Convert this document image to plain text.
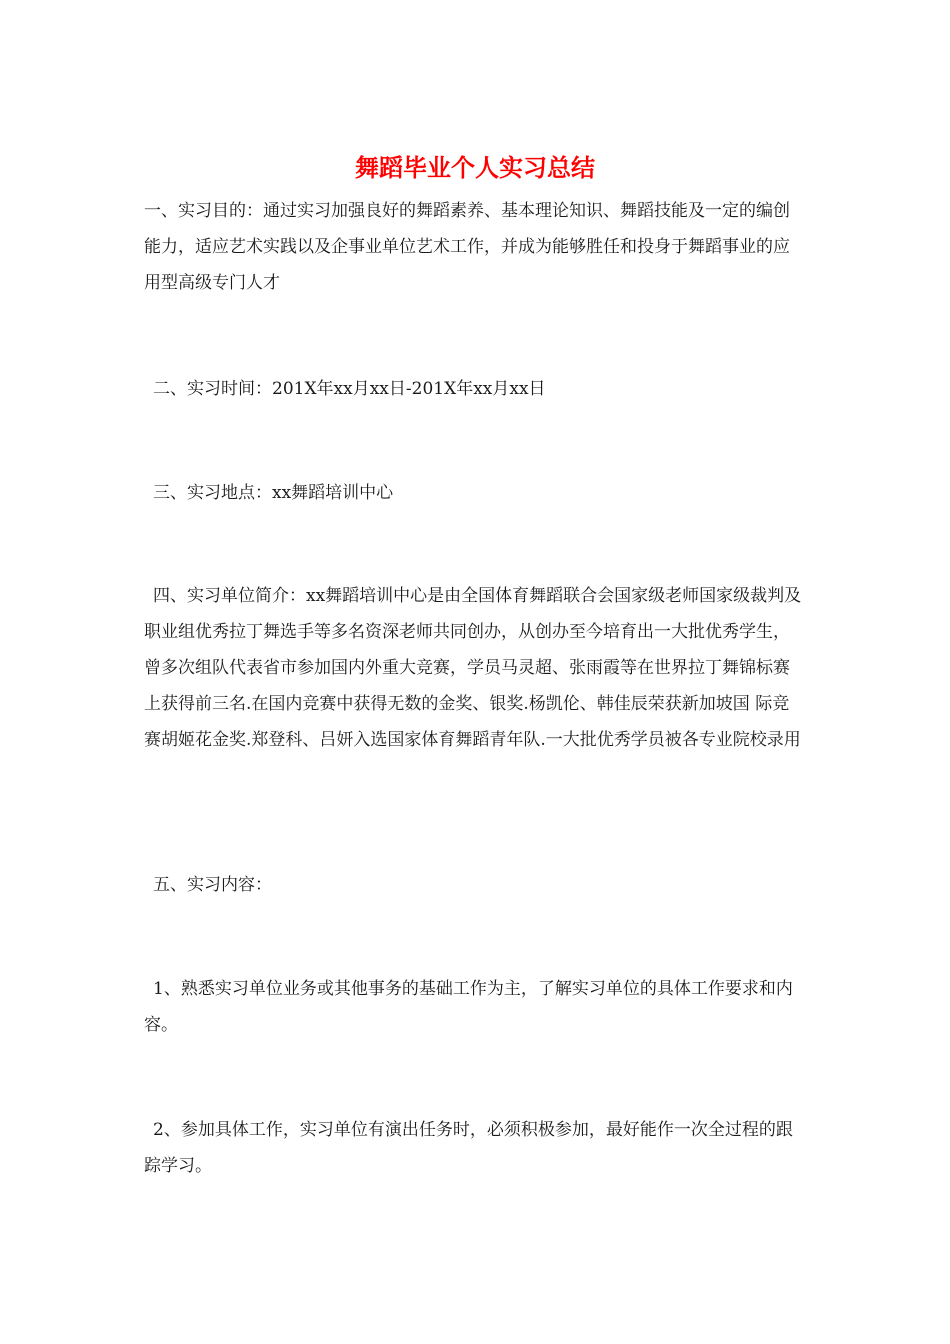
舞蹈毕业个人实习总结

一、实习目的：通过实习加强良好的舞蹈素养、基本理论知识、舞蹈技能及一定的编创能力，适应艺术实践以及企事业单位艺术工作，并成为能够胜任和投身于舞蹈事业的应用型高级专门人才

二、实习时间：201X年xx月xx日-201X年xx月xx日

三、实习地点：xx舞蹈培训中心

四、实习单位简介：xx舞蹈培训中心是由全国体育舞蹈联合会国家级老师国家级裁判及职业组优秀拉丁舞选手等多名资深老师共同创办，从创办至今培育出一大批优秀学生，曾多次组队代表省市参加国内外重大竞赛，学员马灵超、张雨霞等在世界拉丁舞锦标赛上获得前三名.在国内竞赛中获得无数的金奖、银奖.杨凯伦、韩佳辰荣获新加坡国 际竞赛胡姬花金奖.郑登科、吕妍入选国家体育舞蹈青年队.一大批优秀学员被各专业院校录用

五、实习内容：

1、熟悉实习单位业务或其他事务的基础工作为主，了解实习单位的具体工作要求和内容。

2、参加具体工作，实习单位有演出任务时，必须积极参加，最好能作一次全过程的跟踪学习。
